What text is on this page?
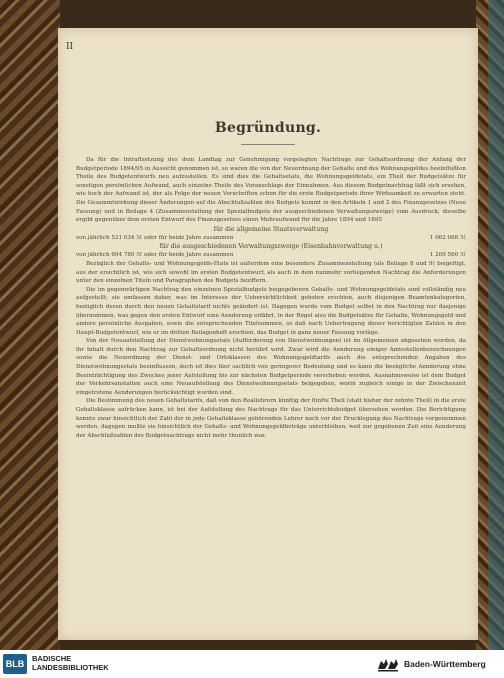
II
Begründung.

Da für die Intraftsetzung des dem Landtag zur Genehmigung vorgelegten Nachtrags zur Gehaltsordnung der Anfang der Budgetperiode 1894/95 in Aussicht genommen ist, so waren die von der Neuordnung der Gehalte und des Wohnungsgeldes beeinflußten Theile des Budgetentwurfs neu aufzustellen. Es sind dies die Gehaltsetats, die Wohnungsgeldetats, ein Theil der Budgetsätze für sonstigen persönlichen Aufwand, auch einzelne Theile des Voranschlags der Einnahmen. Aus diesem Budgetnachtrag läßt sich ersehen, wie hoch der Aufwand ist, der als Folge der neuen Vorschriften schon für die erste Budgetperiode ihrer Wirksamkeit zu erwarten steht. Die Gesammtwirkung dieser Änderungen auf die Abschlußzahlen des Budgets kommt in den Artikeln 1 und 2 des Finanzgesetzes (Neue Fassung) und in Beilage 4 (Zusammenstellung der Spezialbudgets der ausgeschiedenen Verwaltungszweige) zum Ausdruck; dieselbe ergibt gegenüber dem ersten Entwurf des Finanzgesetzes einen Mehraufwand für die Jahre 1894 und 1895

für die allgemeine Staatsverwaltung
von jährlich 531 034 ℳ oder für beide Jahre zusammen	1 062 068 ℳ
für die ausgeschiedenen Verwaltungszweige (Eisenbahnverwaltung u.)
von jährlich 604 780 ℳ oder für beide Jahre zusammen	1 209 560 ℳ

Bezüglich der Gehalts- und Wohnungsgelds-Etats ist außerdem eine besondere Zusammenstellung (als Beilage 8 und 9) beigefügt, aus der ersichtlich ist, wie sich sowohl im ersten Budgetentwurf, als auch in dem nunmehr vorliegenden Nachtrag die Anforderungen unter den einzelnen Titeln und Paragraphen des Budgets beziffern.

Die im gegenwärtigen Nachtrag den einzelnen Spezialbudgets beigegebenen Gehalts- und Wohnungsgeldetats sind vollständig neu aufgestellt; sie umfassen daher, was im Interesse der Uebersichtlichkeit geboten erschien, auch diejenigen Beamtenkategorien, bezüglich deren durch den neuen Gehaltstarif nichts geändert ist. Dagegen wurde vom Budget selbst in den Nachtrag nur dasjenige übernommen, was gegen den ersten Entwurf eine Aenderung erfährt, in der Regel also die Budgetsätze für Gehalte, Wohnungsgeld und andere persönliche Ausgaben, sowie die entsprechenden Titelsummen, so daß nach Uebertragung dieser berichtigten Zahlen in den Haupt-Budgetentwurf, wie er im dritten Beilagenheft erschien, das Budget in ganz neuer Fassung vorläge.

Von der Neuaufstellung der Dienstwohnungsetats (Aufforderung von Dienstwohnungen) ist im Allgemeinen abgesehen worden, da ihr Inhalt durch den Nachtrag zur Gehaltsordnung nicht berührt wird. Zwar wird die Aenderung einiger Amtsstellenbezeichnungen sowie die Neuordnung der Dienst- und Ortsklassen des Wohnungsgeldtarifs auch die entsprechenden Angaben des Dienstwohnungsetats beeinflussen, doch ist dies hier sachlich von geringerer Bedeutung und es kann die bezügliche Aenderung ohne Beeinträchtigung des Zweckes jener Aufstellung bis zur nächsten Budgetperiode verschoben werden. Ausnahmsweise ist dem Budget der Verkehrsanstalten auch eine Neuaufstellung des Dienstwohnungsetats beigegeben, worin zugleich einige in der Zwischenzeit eingetretene Aenderungen berücksichtigt worden sind.

Die Bestimmung des neuen Gehaltstarifs, daß von den Reallehrern künftig der fünfte Theil (statt bisher der zehnte Theil) in die erste Gehaltsklasse aufrücken kann, ist bei der Aufstellung des Nachtrags für das Unterrichtsbudget übersehen worden. Die Berichtigung konnte zwar hinsichtlich der Zahl der in jede Gehaltsklasse gehörenden Lehrer noch vor der Drucklegung des Nachtrags vorgenommen werden, dagegen mußte sie hinsichtlich der Gehalts- und Wohnungsgeldbeträge unterbleiben, weil zur gegebenen Zeit eine Aenderung der Abschlußzahlen des Budgetnachtrags nicht mehr thunlich war.

BLB
BADISCHE
LANDESBIBLIOTHEK	Baden-Württemberg
